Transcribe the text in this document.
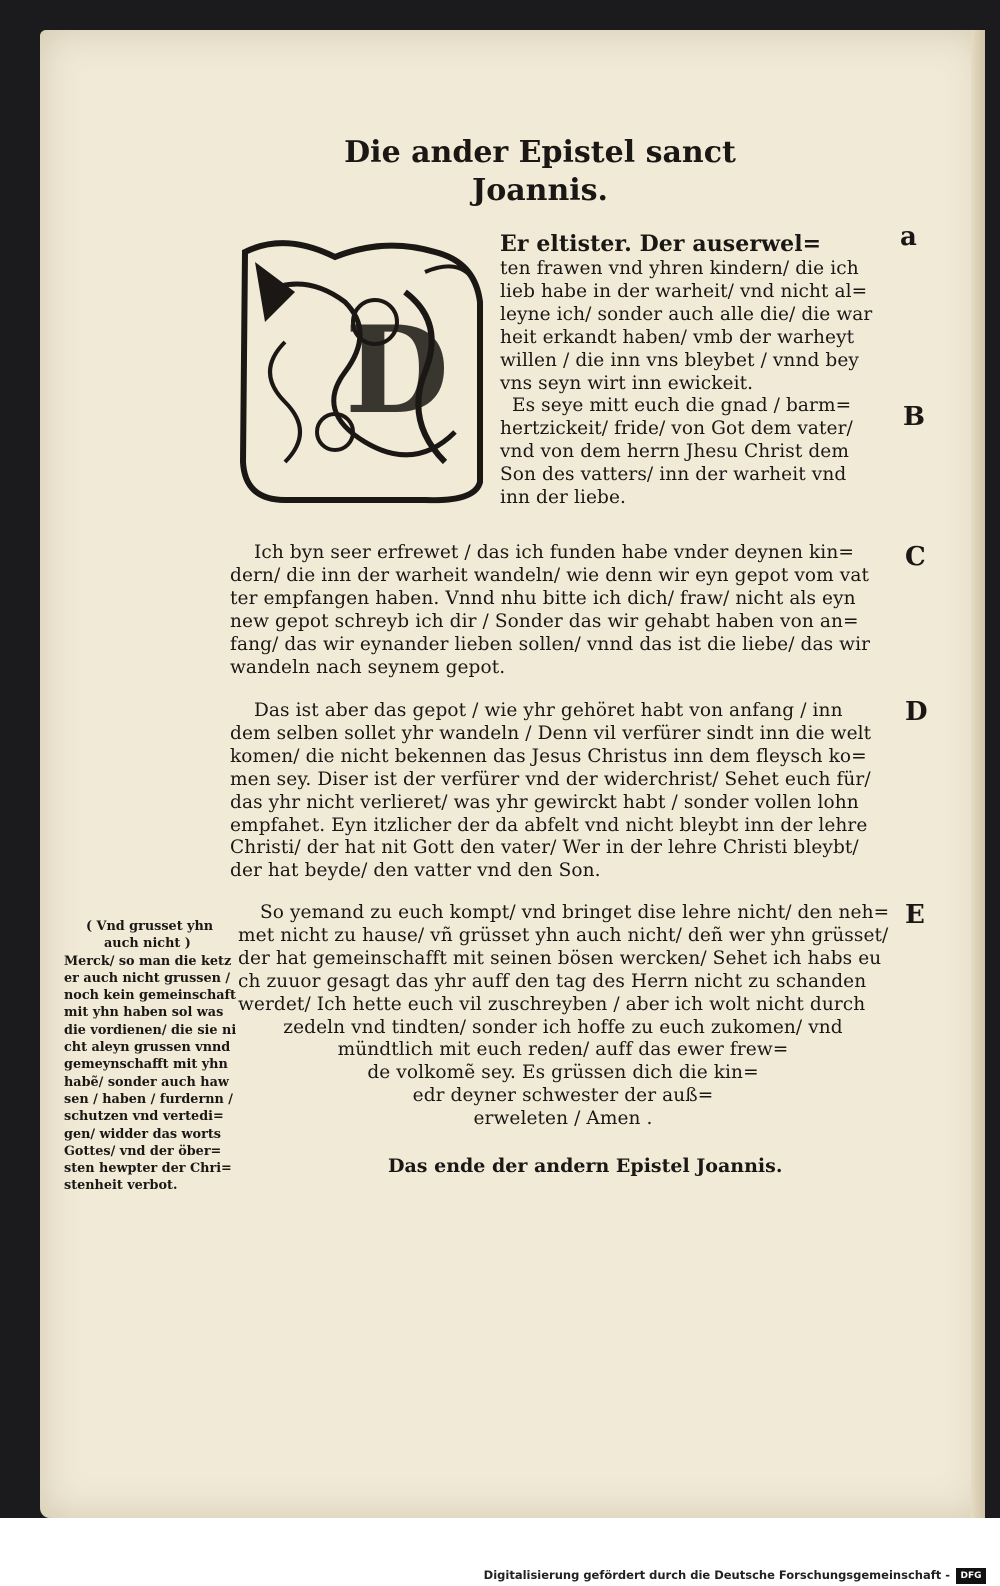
Die ander Epistel sanct
Joannis.
D
Er eltister. Der auserwel=
ten frawen vnd yhren kindern/ die ich
lieb habe in der warheit/ vnd nicht al=
leyne ich/ sonder auch alle die/ die war
heit erkandt haben/ vmb der warheyt
willen / die inn vns bleybet / vnnd bey
vns seyn wirt inn ewickeit.
Es seye mitt euch die gnad / barm=
hertzickeit/ fride/ von Got dem vater/
vnd von dem herrn Jhesu Christ dem
Son des vatters/ inn der warheit vnd
inn der liebe.
Ich byn seer erfrewet / das ich funden habe vnder deynen kin=
dern/ die inn der warheit wandeln/ wie denn wir eyn gepot vom vat
ter empfangen haben. Vnnd nhu bitte ich dich/ fraw/ nicht als eyn
new gepot schreyb ich dir / Sonder das wir gehabt haben von an=
fang/ das wir eynander lieben sollen/ vnnd das ist die liebe/ das wir
wandeln nach seynem gepot.
Das ist aber das gepot / wie yhr gehöret habt von anfang / inn
dem selben sollet yhr wandeln / Denn vil verfürer sindt inn die welt
komen/ die nicht bekennen das Jesus Christus inn dem fleysch ko=
men sey. Diser ist der verfürer vnd der widerchrist/ Sehet euch für/
das yhr nicht verlieret/ was yhr gewirckt habt / sonder vollen lohn
empfahet. Eyn itzlicher der da abfelt vnd nicht bleybt inn der lehre
Christi/ der hat nit Gott den vater/ Wer in der lehre Christi bleybt/
der hat beyde/ den vatter vnd den Son.
So yemand zu euch kompt/ vnd bringet dise lehre nicht/ den neh=
met nicht zu hause/ vñ grüsset yhn auch nicht/ deñ wer yhn grüsset/
der hat gemeinschafft mit seinen bösen wercken/ Sehet ich habs eu
ch zuuor gesagt das yhr auff den tag des Herrn nicht zu schanden
werdet/ Ich hette euch vil zuschreyben / aber ich wolt nicht durch
zedeln vnd tindten/ sonder ich hoffe zu euch zukomen/ vnd
mündtlich mit euch reden/ auff das ewer frew=
de volkomẽ sey. Es grüssen dich die kin=
edr deyner schwester der auß=
erweleten / Amen .
Das ende der andern Epistel Joannis.
a
B
C
D
E
( Vnd grusset yhn
auch nicht )
Merck/ so man die ketz
er auch nicht grussen /
noch kein gemeinschaft
mit yhn haben sol was
die vordienen/ die sie ni
cht aleyn grussen vnnd
gemeynschafft mit yhn
habẽ/ sonder auch haw
sen / haben / furdernn /
schutzen vnd vertedi=
gen/ widder das worts
Gottes/ vnd der öber=
sten hewpter der Chri=
stenheit verbot.
Digitalisierung gefördert durch die Deutsche Forschungsgemeinschaft -	DFG
